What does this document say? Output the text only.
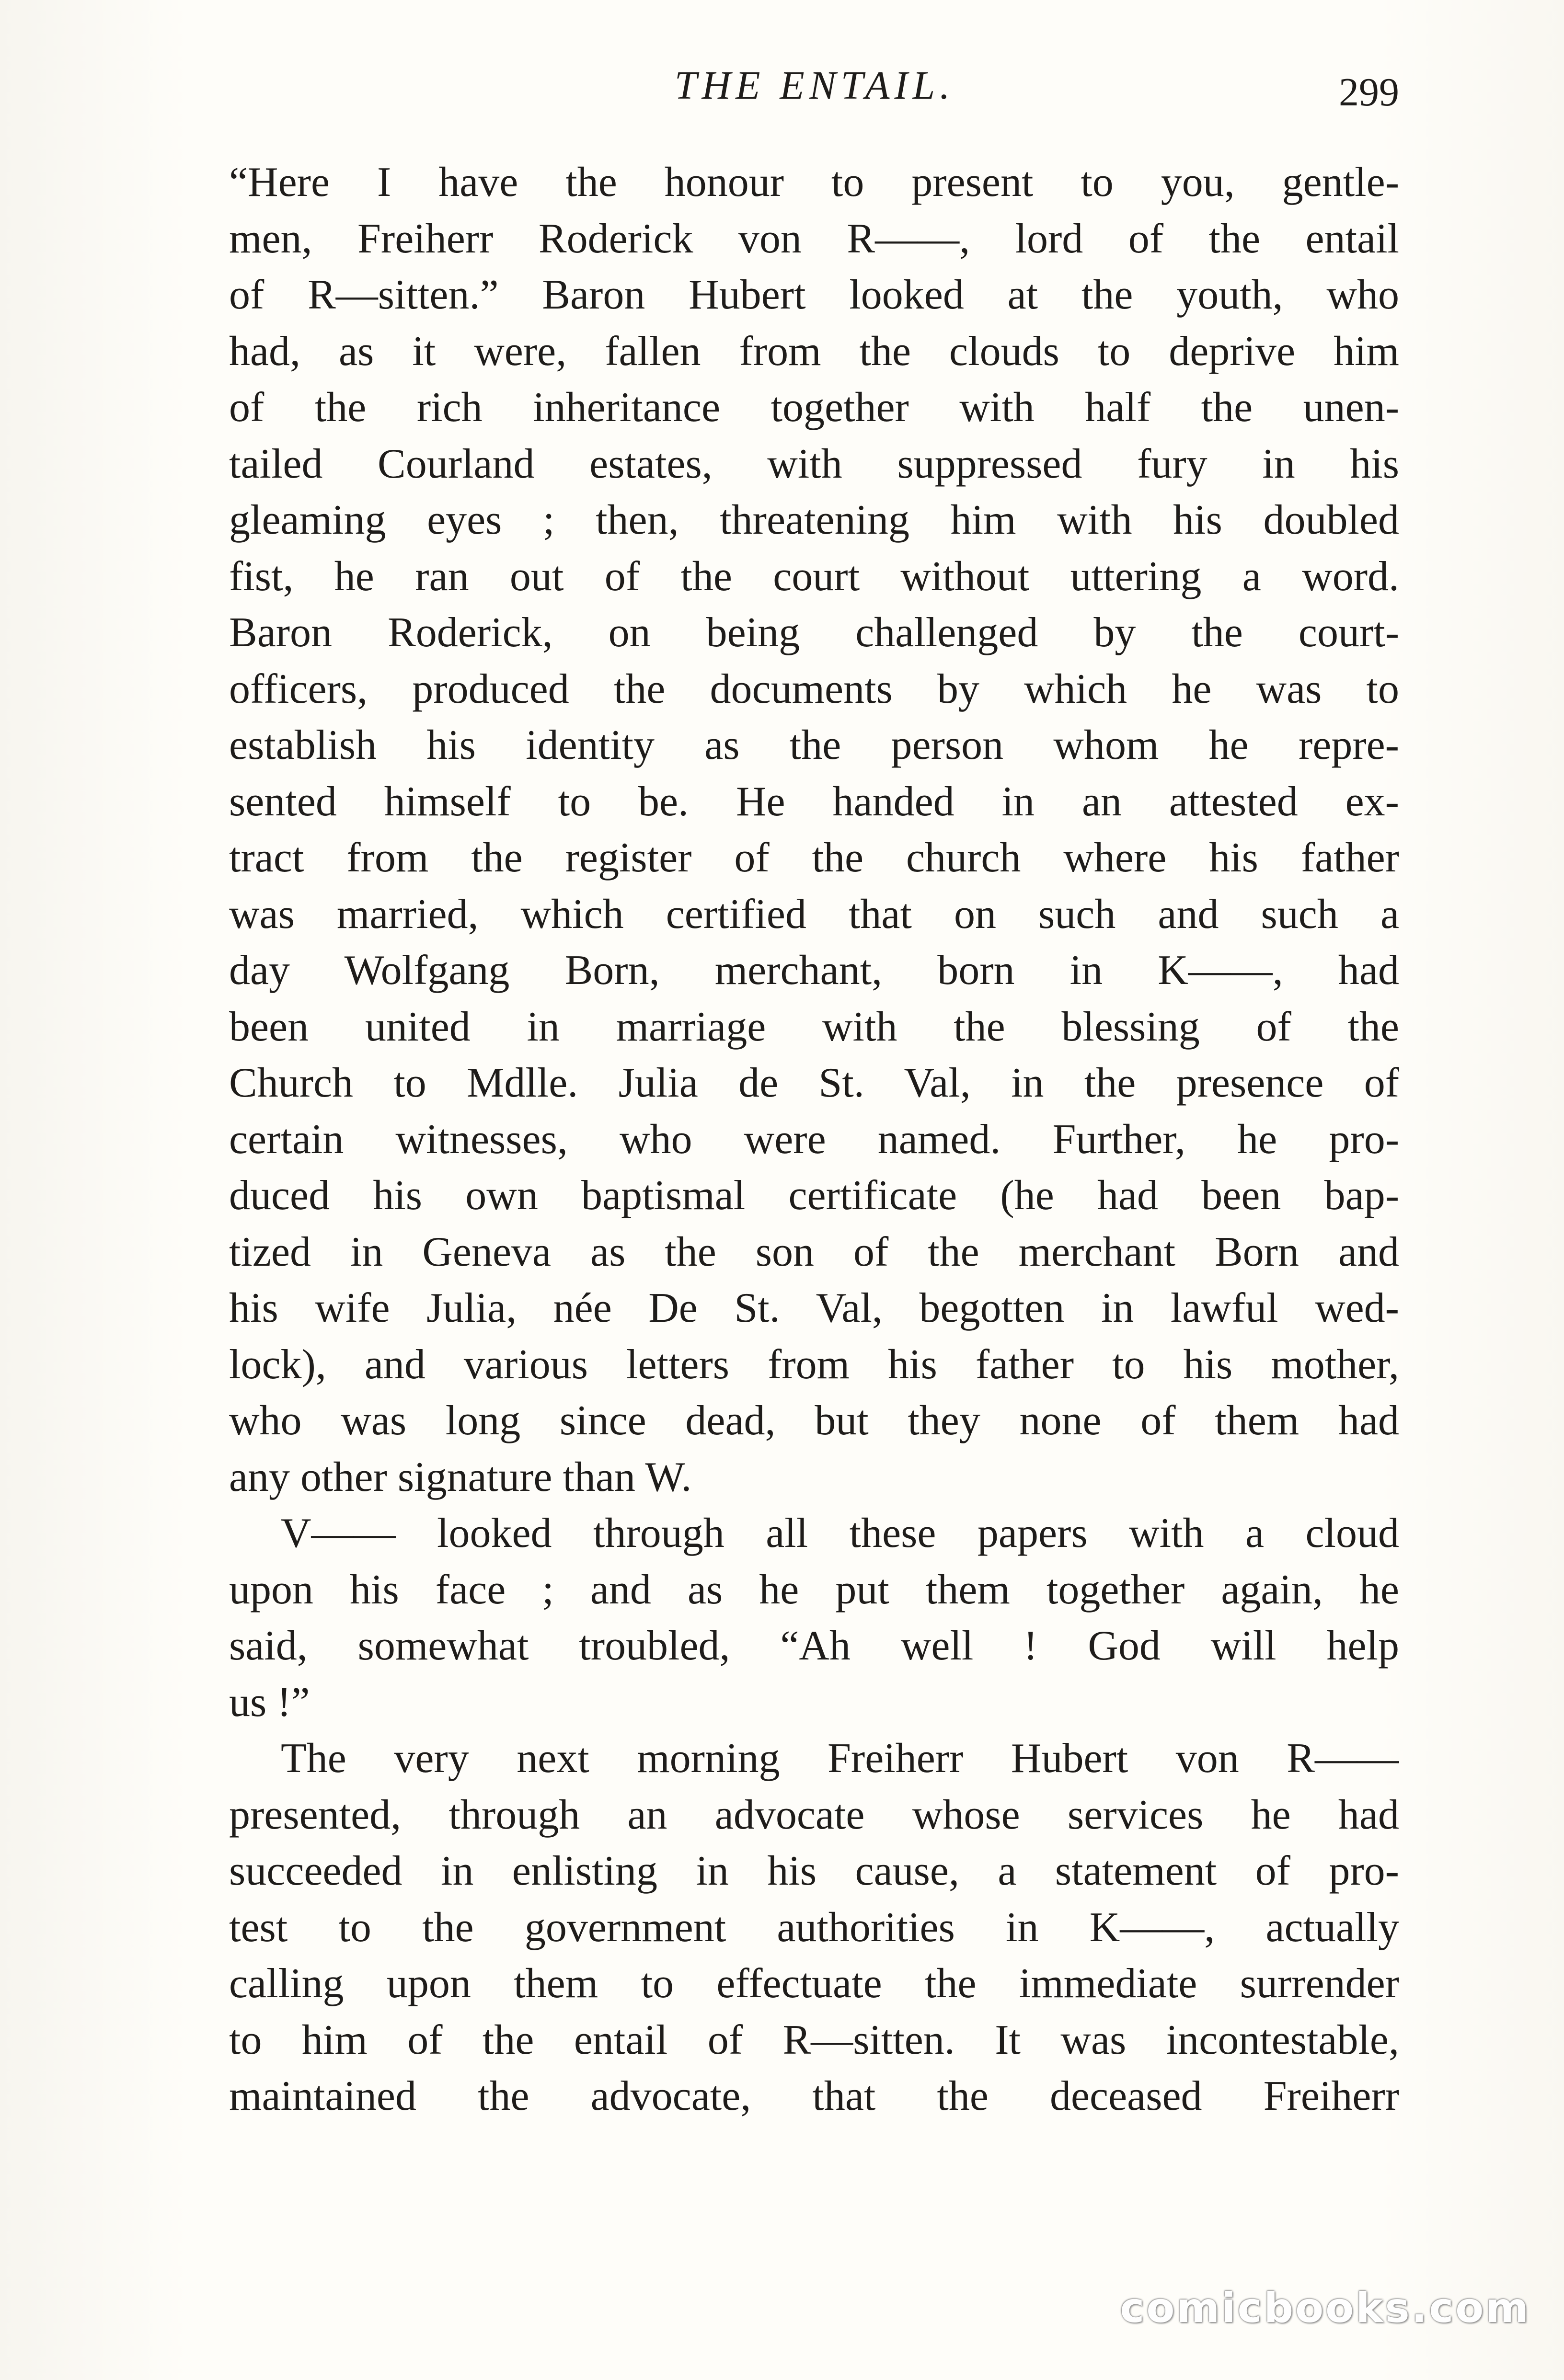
THE ENTAIL.	299
“Here I have the honour to present to you, gentle-
men, Freiherr Roderick von R——, lord of the entail
of R—sitten.” Baron Hubert looked at the youth, who
had, as it were, fallen from the clouds to deprive him
of the rich inheritance together with half the unen-
tailed Courland estates, with suppressed fury in his
gleaming eyes ; then, threatening him with his doubled
fist, he ran out of the court without uttering a word.
Baron Roderick, on being challenged by the court-
officers, produced the documents by which he was to
establish his identity as the person whom he repre-
sented himself to be. He handed in an attested ex-
tract from the register of the church where his father
was married, which certified that on such and such a
day Wolfgang Born, merchant, born in K——, had
been united in marriage with the blessing of the
Church to Mdlle. Julia de St. Val, in the presence of
certain witnesses, who were named. Further, he pro-
duced his own baptismal certificate (he had been bap-
tized in Geneva as the son of the merchant Born and
his wife Julia, née De St. Val, begotten in lawful wed-
lock), and various letters from his father to his mother,
who was long since dead, but they none of them had
any other signature than W.
V—— looked through all these papers with a cloud
upon his face ; and as he put them together again, he
said, somewhat troubled, “Ah well ! God will help
us !”
The very next morning Freiherr Hubert von R——
presented, through an advocate whose services he had
succeeded in enlisting in his cause, a statement of pro-
test to the government authorities in K——, actually
calling upon them to effectuate the immediate surrender
to him of the entail of R—sitten. It was incontestable,
maintained the advocate, that the deceased Freiherr
comicbooks.com
